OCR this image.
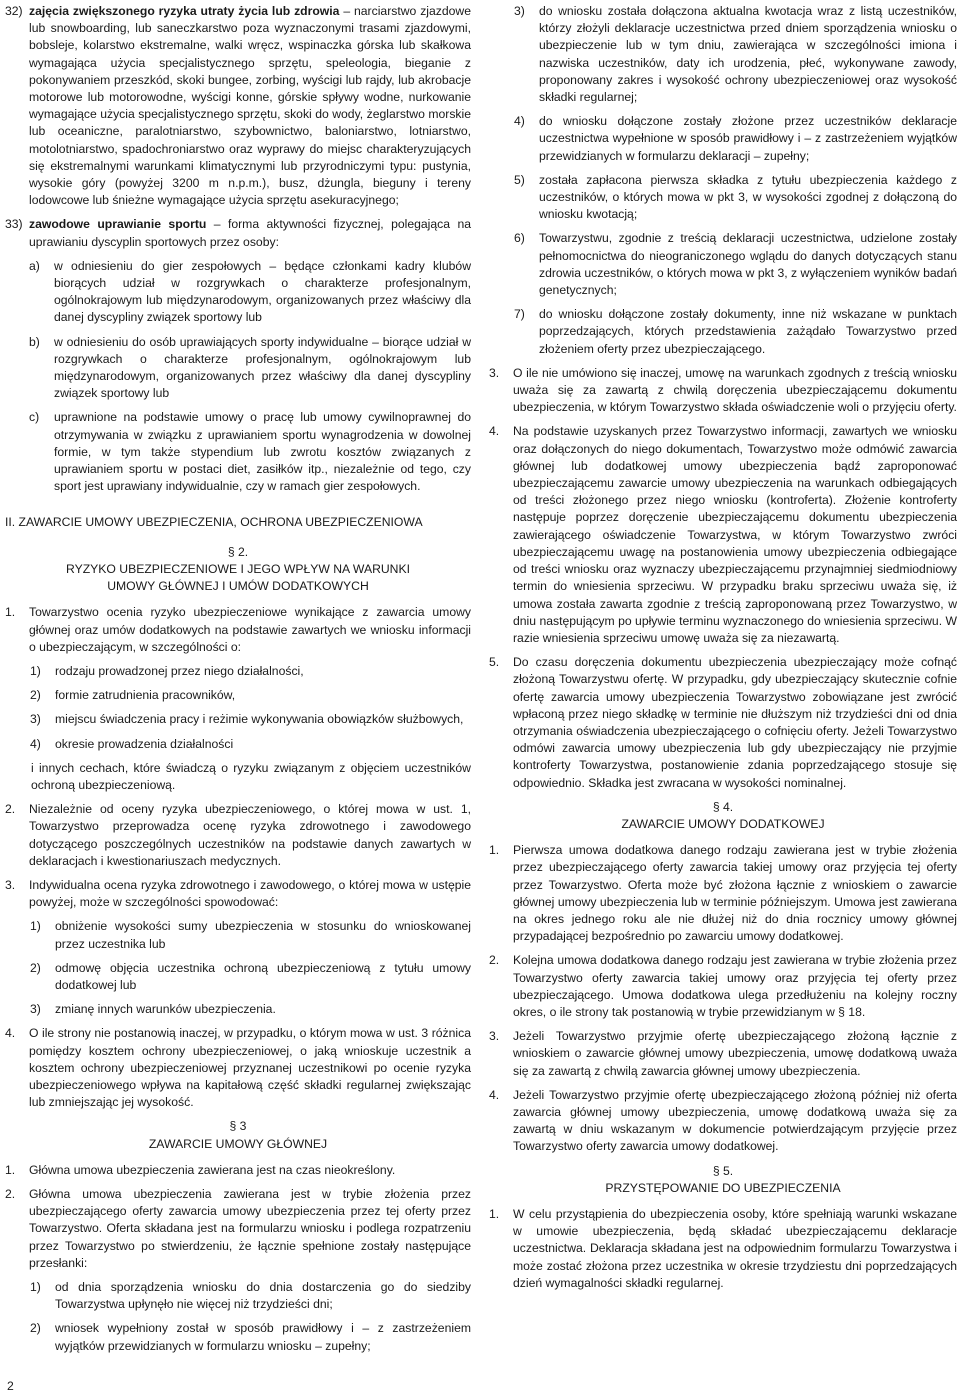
32) zajęcia zwiększonego ryzyka utraty życia lub zdrowia – narciarstwo zjazdowe lub snowboarding, lub saneczkarstwo poza wyznaczonymi trasami zjazdowymi, bobsleje, kolarstwo ekstremalne, walki wręcz, wspinaczka górska lub skałkowa wymagająca użycia specjalistycznego sprzętu, speleologia, bieganie z pokonywaniem przeszkód, skoki bungee, zorbing, wyścigi lub rajdy, lub akrobacje motorowe lub motorowodne, wyścigi konne, górskie spływy wodne, nurkowanie wymagające użycia specjalistycznego sprzętu, skoki do wody, żeglarstwo morskie lub oceaniczne, paralotniarstwo, szybownictwo, baloniarstwo, lotniarstwo, motolotniarstwo, spadochroniarstwo oraz wyprawy do miejsc charakteryzujących się ekstremalnymi warunkami klimatycznymi lub przyrodniczymi typu: pustynia, wysokie góry (powyżej 3200 m n.p.m.), busz, dżungla, bieguny i tereny lodowcowe lub śnieżne wymagające użycia sprzętu asekuracyjnego;
33) zawodowe uprawianie sportu – forma aktywności fizycznej, polegająca na uprawianiu dyscyplin sportowych przez osoby:
a) w odniesieniu do gier zespołowych – będące członkami kadry klubów biorących udział w rozgrywkach o charakterze profesjonalnym, ogólnokrajowym lub międzynarodowym, organizowanych przez właściwy dla danej dyscypliny związek sportowy lub
b) w odniesieniu do osób uprawiających sporty indywidualne – biorące udział w rozgrywkach o charakterze profesjonalnym, ogólnokrajowym lub międzynarodowym, organizowanych przez właściwy dla danej dyscypliny związek sportowy lub
c) uprawnione na podstawie umowy o pracę lub umowy cywilnoprawnej do otrzymywania w związku z uprawianiem sportu wynagrodzenia w dowolnej formie, w tym także stypendium lub zwrotu kosztów związanych z uprawianiem sportu w postaci diet, zasiłków itp., niezależnie od tego, czy sport jest uprawiany indywidualnie, czy w ramach gier zespołowych.
II. ZAWARCIE UMOWY UBEZPIECZENIA, OCHRONA UBEZPIECZENIOWA
§ 2.
RYZYKO UBEZPIECZENIOWE I JEGO WPŁYW NA WARUNKI
UMOWY GŁÓWNEJ I UMÓW DODATKOWYCH
1. Towarzystwo ocenia ryzyko ubezpieczeniowe wynikające z zawarcia umowy głównej oraz umów dodatkowych na podstawie zawartych we wniosku informacji o ubezpieczającym, w szczególności o:
1) rodzaju prowadzonej przez niego działalności,
2) formie zatrudnienia pracowników,
3) miejscu świadczenia pracy i reżimie wykonywania obowiązków służbowych,
4) okresie prowadzenia działalności
i innych cechach, które świadczą o ryzyku związanym z objęciem uczestników ochroną ubezpieczeniową.
2. Niezależnie od oceny ryzyka ubezpieczeniowego, o której mowa w ust. 1, Towarzystwo przeprowadza ocenę ryzyka zdrowotnego i zawodowego dotyczącego poszczególnych uczestników na podstawie danych zawartych w deklaracjach i kwestionariuszach medycznych.
3. Indywidualna ocena ryzyka zdrowotnego i zawodowego, o której mowa w ustępie powyżej, może w szczególności spowodować:
1) obniżenie wysokości sumy ubezpieczenia w stosunku do wnioskowanej przez uczestnika lub
2) odmowę objęcia uczestnika ochroną ubezpieczeniową z tytułu umowy dodatkowej lub
3) zmianę innych warunków ubezpieczenia.
4. O ile strony nie postanowią inaczej, w przypadku, o którym mowa w ust. 3 różnica pomiędzy kosztem ochrony ubezpieczeniowej, o jaką wnioskuje uczestnik a kosztem ochrony ubezpieczeniowej przyznanej uczestnikowi po ocenie ryzyka ubezpieczeniowego wpływa na kapitałową część składki regularnej zwiększając lub zmniejszając jej wysokość.
§ 3
ZAWARCIE UMOWY GŁÓWNEJ
1. Główna umowa ubezpieczenia zawierana jest na czas nieokreślony.
2. Główna umowa ubezpieczenia zawierana jest w trybie złożenia przez ubezpieczającego oferty zawarcia umowy ubezpieczenia przez tej oferty przez Towarzystwo. Oferta składana jest na formularzu wniosku i podlega rozpatrzeniu przez Towarzystwo po stwierdzeniu, że łącznie spełnione zostały następujące przesłanki:
1) od dnia sporządzenia wniosku do dnia dostarczenia go do siedziby Towarzystwa upłynęło nie więcej niż trzydzieści dni;
2) wniosek wypełniony został w sposób prawidłowy i – z zastrzeżeniem wyjątków przewidzianych w formularzu wniosku – zupełny;
3) do wniosku została dołączona aktualna kwotacja wraz z listą uczestników, którzy złożyli deklaracje uczestnictwa przed dniem sporządzenia wniosku o ubezpieczenie lub w tym dniu, zawierająca w szczególności imiona i nazwiska uczestników, daty ich urodzenia, płeć, wykonywane zawody, proponowany zakres i wysokość ochrony ubezpieczeniowej oraz wysokość składki regularnej;
4) do wniosku dołączone zostały złożone przez uczestników deklaracje uczestnictwa wypełnione w sposób prawidłowy i – z zastrzeżeniem wyjątków przewidzianych w formularzu deklaracji – zupełny;
5) została zapłacona pierwsza składka z tytułu ubezpieczenia każdego z uczestników, o których mowa w pkt 3, w wysokości zgodnej z dołączoną do wniosku kwotacją;
6) Towarzystwu, zgodnie z treścią deklaracji uczestnictwa, udzielone zostały pełnomocnictwa do nieograniczonego wglądu do danych dotyczących stanu zdrowia uczestników, o których mowa w pkt 3, z wyłączeniem wyników badań genetycznych;
7) do wniosku dołączone zostały dokumenty, inne niż wskazane w punktach poprzedzających, których przedstawienia zażądało Towarzystwo przed złożeniem oferty przez ubezpieczającego.
3. O ile nie umówiono się inaczej, umowę na warunkach zgodnych z treścią wniosku uważa się za zawartą z chwilą doręczenia ubezpieczającemu dokumentu ubezpieczenia, w którym Towarzystwo składa oświadczenie woli o przyjęciu oferty.
4. Na podstawie uzyskanych przez Towarzystwo informacji, zawartych we wniosku oraz dołączonych do niego dokumentach, Towarzystwo może odmówić zawarcia głównej lub dodatkowej umowy ubezpieczenia bądź zaproponować ubezpieczającemu zawarcie umowy ubezpieczenia na warunkach odbiegających od treści złożonego przez niego wniosku (kontroferta). Złożenie kontroferty następuje poprzez doręczenie ubezpieczającemu dokumentu ubezpieczenia zawierającego oświadczenie Towarzystwa, w którym Towarzystwo zwróci ubezpieczającemu uwagę na postanowienia umowy ubezpieczenia odbiegające od treści wniosku oraz wyznaczy ubezpieczającemu przynajmniej siedmiodniowy termin do wniesienia sprzeciwu. W przypadku braku sprzeciwu uważa się, iż umowa została zawarta zgodnie z treścią zaproponowaną przez Towarzystwo, w dniu następującym po upływie terminu wyznaczonego do wniesienia sprzeciwu. W razie wniesienia sprzeciwu umowę uważa się za niezawartą.
5. Do czasu doręczenia dokumentu ubezpieczenia ubezpieczający może cofnąć złożoną Towarzystwu ofertę. W przypadku, gdy ubezpieczający skutecznie cofnie ofertę zawarcia umowy ubezpieczenia Towarzystwo zobowiązane jest zwrócić wpłaconą przez niego składkę w terminie nie dłuższym niż trzydzieści dni od dnia otrzymania oświadczenia ubezpieczającego o cofnięciu oferty. Jeżeli Towarzystwo odmówi zawarcia umowy ubezpieczenia lub gdy ubezpieczający nie przyjmie kontroferty Towarzystwa, postanowienie zdania poprzedzającego stosuje się odpowiednio. Składka jest zwracana w wysokości nominalnej.
§ 4.
ZAWARCIE UMOWY DODATKOWEJ
1. Pierwsza umowa dodatkowa danego rodzaju zawierana jest w trybie złożenia przez ubezpieczającego oferty zawarcia takiej umowy oraz przyjęcia tej oferty przez Towarzystwo. Oferta może być złożona łącznie z wnioskiem o zawarcie głównej umowy ubezpieczenia lub w terminie późniejszym. Umowa jest zawierana na okres jednego roku ale nie dłużej niż do dnia rocznicy umowy głównej przypadającej bezpośrednio po zawarciu umowy dodatkowej.
2. Kolejna umowa dodatkowa danego rodzaju jest zawierana w trybie złożenia przez Towarzystwo oferty zawarcia takiej umowy oraz przyjęcia tej oferty przez ubezpieczającego. Umowa dodatkowa ulega przedłużeniu na kolejny roczny okres, o ile strony tak postanowią w trybie przewidzianym w § 18.
3. Jeżeli Towarzystwo przyjmie ofertę ubezpieczającego złożoną łącznie z wnioskiem o zawarcie głównej umowy ubezpieczenia, umowę dodatkową uważa się za zawartą z chwilą zawarcia głównej umowy ubezpieczenia.
4. Jeżeli Towarzystwo przyjmie ofertę ubezpieczającego złożoną później niż oferta zawarcia głównej umowy ubezpieczenia, umowę dodatkową uważa się za zawartą w dniu wskazanym w dokumencie potwierdzającym przyjęcie przez Towarzystwo oferty zawarcia umowy dodatkowej.
§ 5.
PRZYSTĘPOWANIE DO UBEZPIECZENIA
1. W celu przystąpienia do ubezpieczenia osoby, które spełniają warunki wskazane w umowie ubezpieczenia, będą składać ubezpieczającemu deklaracje uczestnictwa. Deklaracja składana jest na odpowiednim formularzu Towarzystwa i może zostać złożona przez uczestnika w okresie trzydziestu dni poprzedzających dzień wymagalności składki regularnej.
2
